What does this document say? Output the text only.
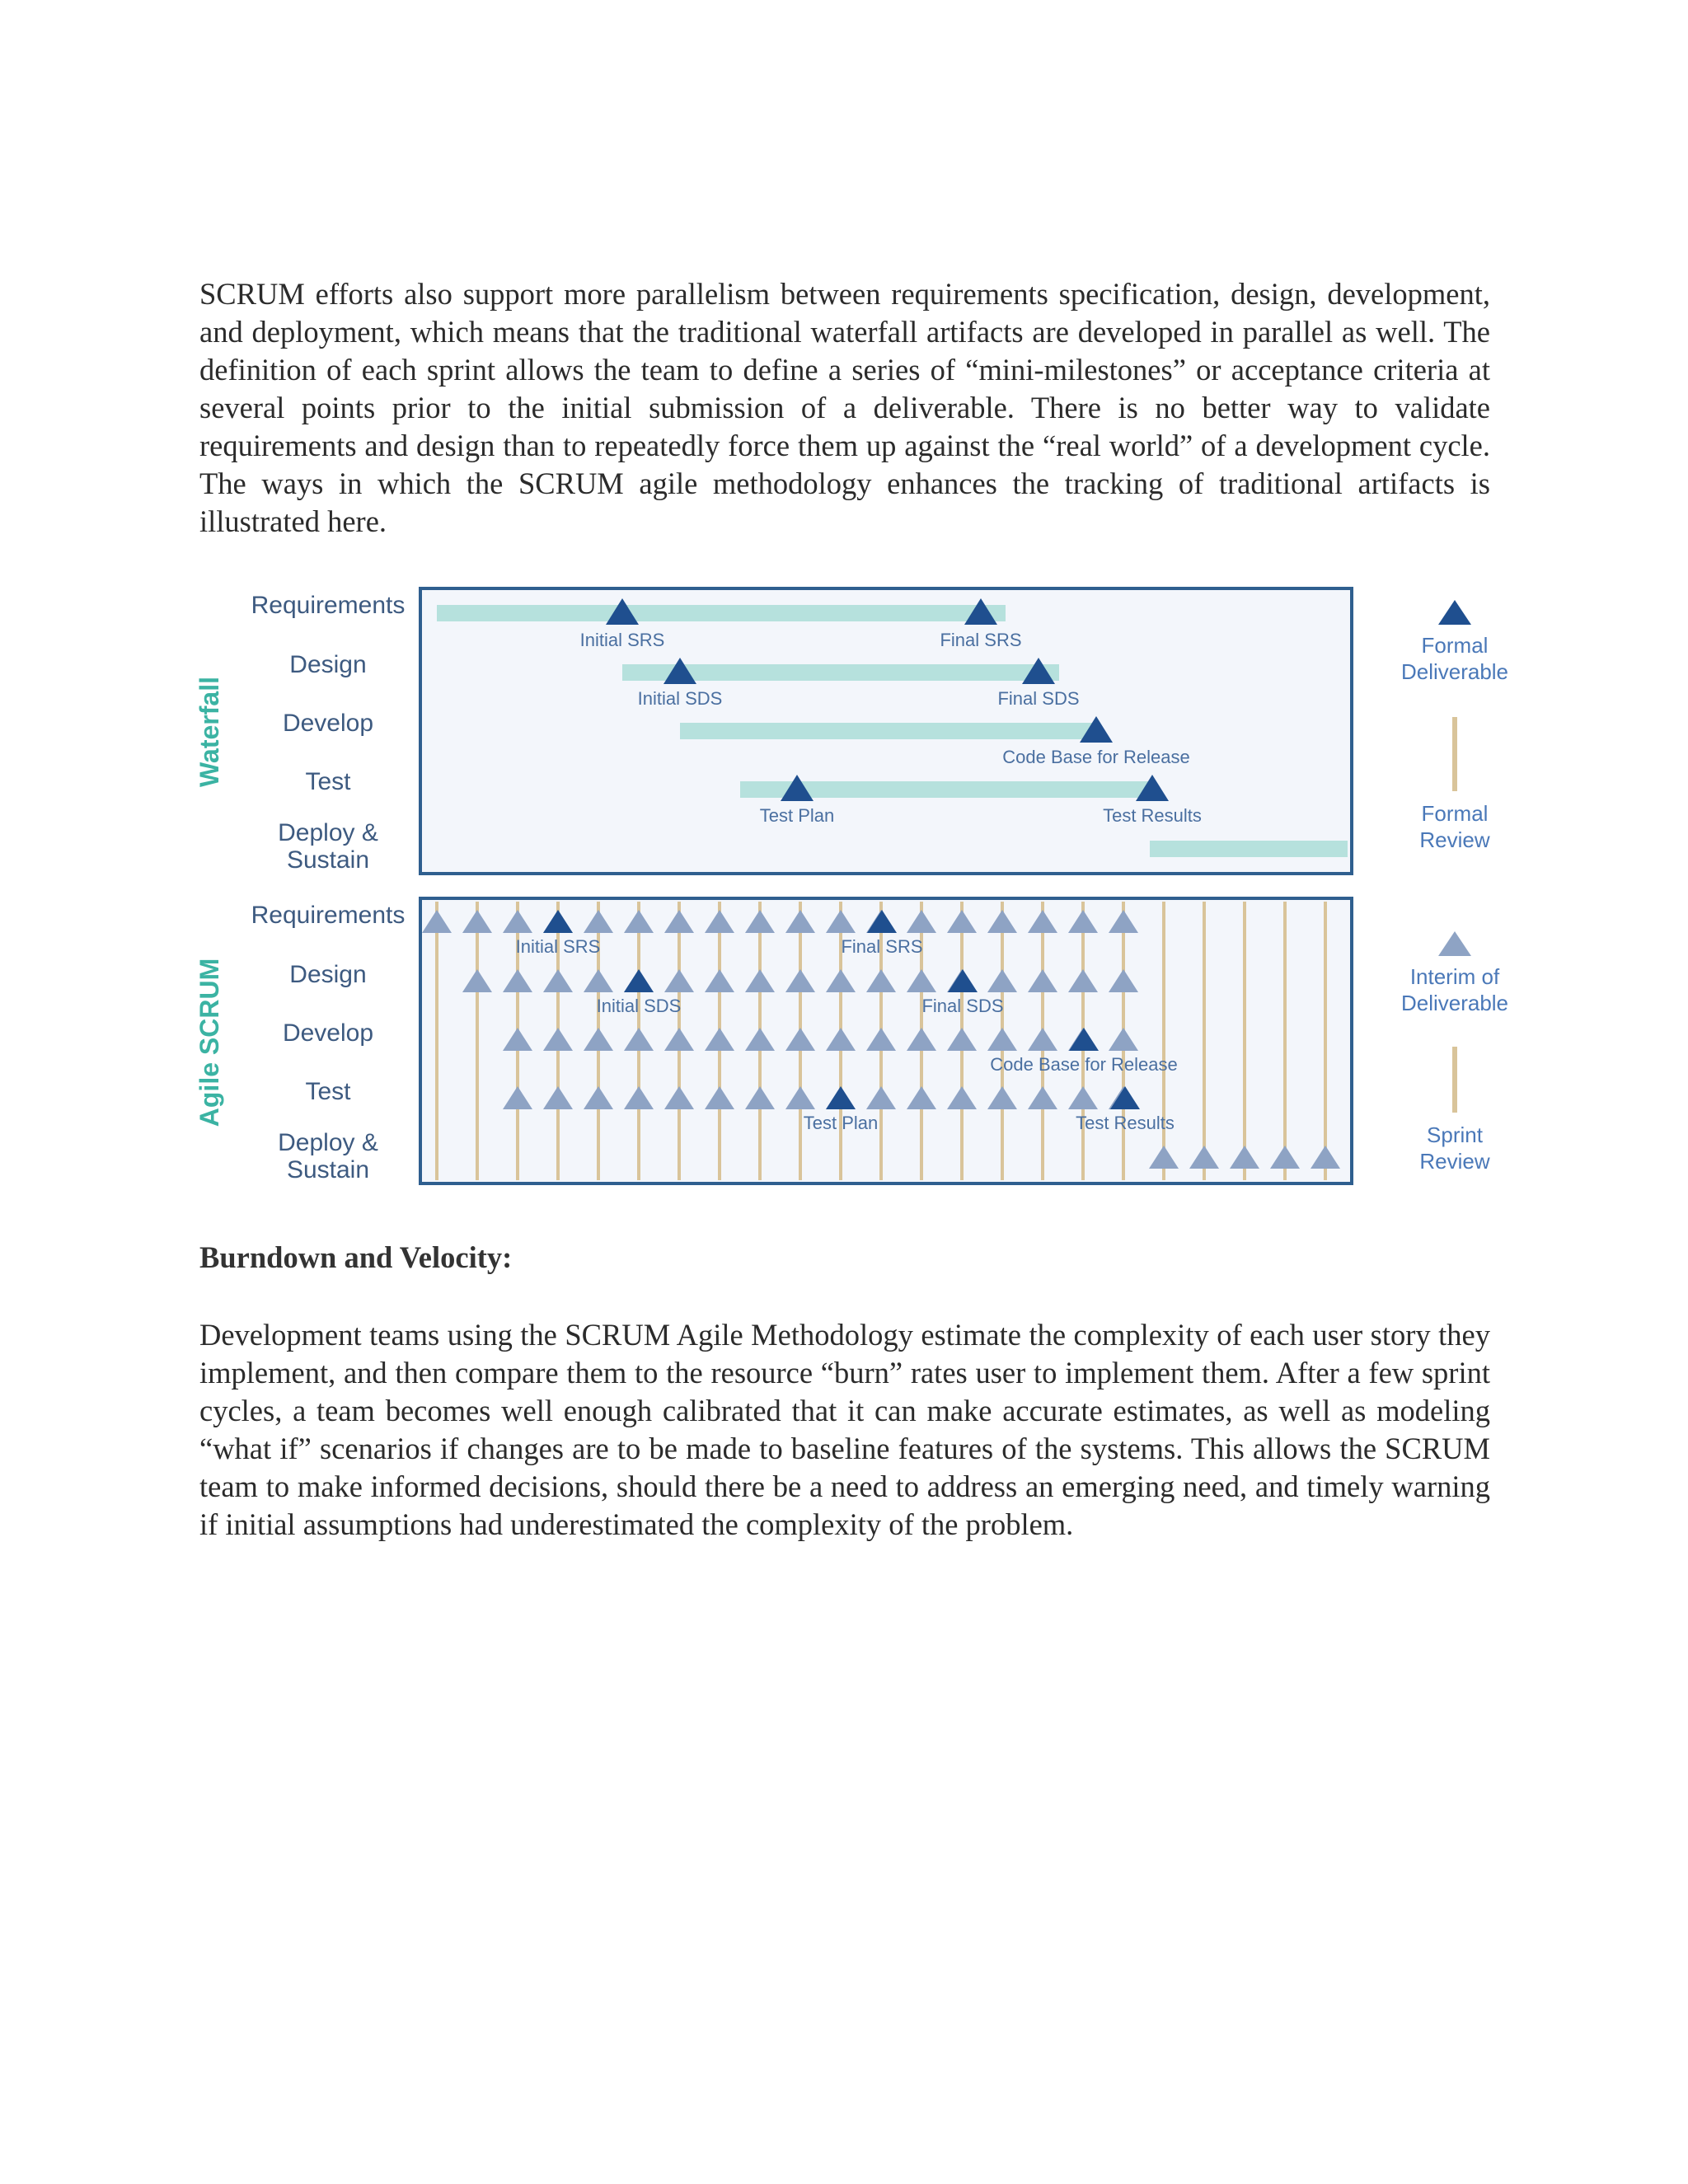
SCRUM efforts also support more parallelism between requirements specification, design, development, and deployment, which means that the traditional waterfall artifacts are developed in parallel as well. The definition of each sprint allows the team to define a series of “mini-milestones” or acceptance criteria at several points prior to the initial submission of a deliverable. There is no better way to validate requirements and design than to repeatedly force them up against the “real world” of a development cycle. The ways in which the SCRUM agile methodology enhances the tracking of traditional artifacts is illustrated here.

Waterfall
Agile SCRUM
Requirements
Design
Develop
Test
Deploy &
Sustain
Requirements
Design
Develop
Test
Deploy &
Sustain
Initial SRS	Final SRS
Initial SDS	Final SDS
Code Base for Release
Test Plan	Test Results
Initial SRS	Final SRS
Initial SDS	Final SDS
Code Base for Release
Test Plan	Test Results
Formal
Deliverable
Formal
Review
Interim of
Deliverable
Sprint
Review

Burndown and Velocity:

Development teams using the SCRUM Agile Methodology estimate the complexity of each user story they implement, and then compare them to the resource “burn” rates user to implement them. After a few sprint cycles, a team becomes well enough calibrated that it can make accurate estimates, as well as modeling “what if” scenarios if changes are to be made to baseline features of the systems. This allows the SCRUM team to make informed decisions, should there be a need to address an emerging need, and timely warning if initial assumptions had underestimated the complexity of the problem.
